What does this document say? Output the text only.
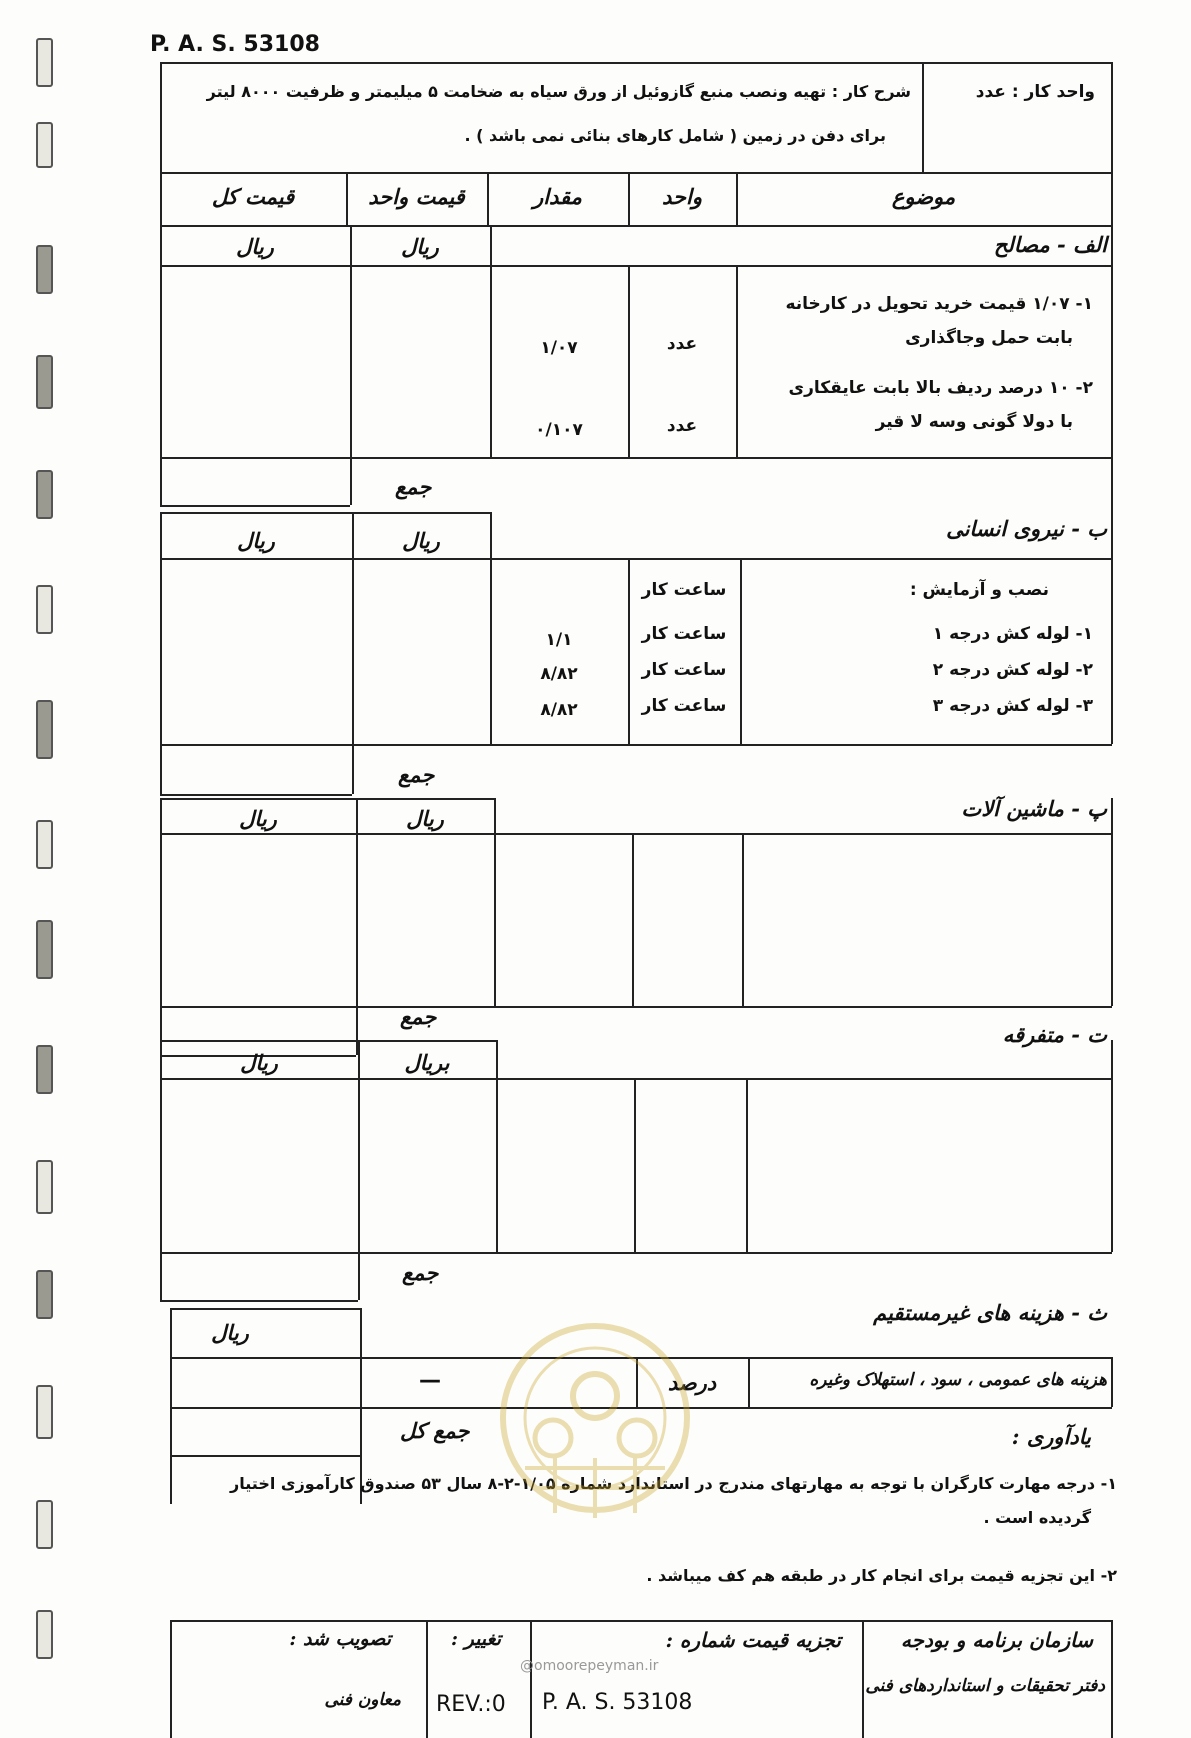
P. A. S. 53108
واحد کار : عدد
شرح کار : تهیه ونصب منبع گازوئیل از ورق سیاه به ضخامت ۵ میلیمتر و ظرفیت ۸۰۰۰ لیتر
برای دفن در زمین ( شامل کارهای بنائی نمی باشد ) .
موضوع
واحد
مقدار
قیمت واحد
قیمت کل
الف - مصالح
ریال
ریال
۱- ۱/۰۷ قیمت خرید تحویل در کارخانه
بابت حمل وجاگذاری
عدد
۱/۰۷
۲- ۱۰ درصد ردیف بالا بابت عایقکاری
با دولا گونی وسه لا قیر
عدد
۰/۱۰۷
جمع
ب - نیروی انسانی
ریال
ریال
نصب و آزمایش :
ساعت کار
۱- لوله کش درجه ۱
ساعت کار
۱/۱
۲- لوله کش درجه ۲
ساعت کار
۸/۸۲
۳- لوله کش درجه ۳
ساعت کار
۸/۸۲
جمع
پ - ماشین آلات
ریال
ریال
جمع
ت - متفرقه
بریال
ریال
جمع
ث - هزینه های غیرمستقیم
ریال
هزینه های عمومی ، سود ، استهلاک وغیره
درصد
—
جمع کل	یادآوری :
۱- درجه مهارت کارگران با توجه به مهارتهای مندرج در استاندارد شماره ۱/۰۵-۲-۸ سال ۵۳ صندوق کارآموزی اختیار
گردیده است .
۲- این تجزیه قیمت برای انجام کار در طبقه هم کف میباشد .
سازمان برنامه و بودجه
دفتر تحقیقات و استانداردهای فنی
تجزیه قیمت شماره :
P. A. S. 53108
@omoorepeyman.ir
تغییر :
REV.:0
تصویب شد :
معاون فنی
